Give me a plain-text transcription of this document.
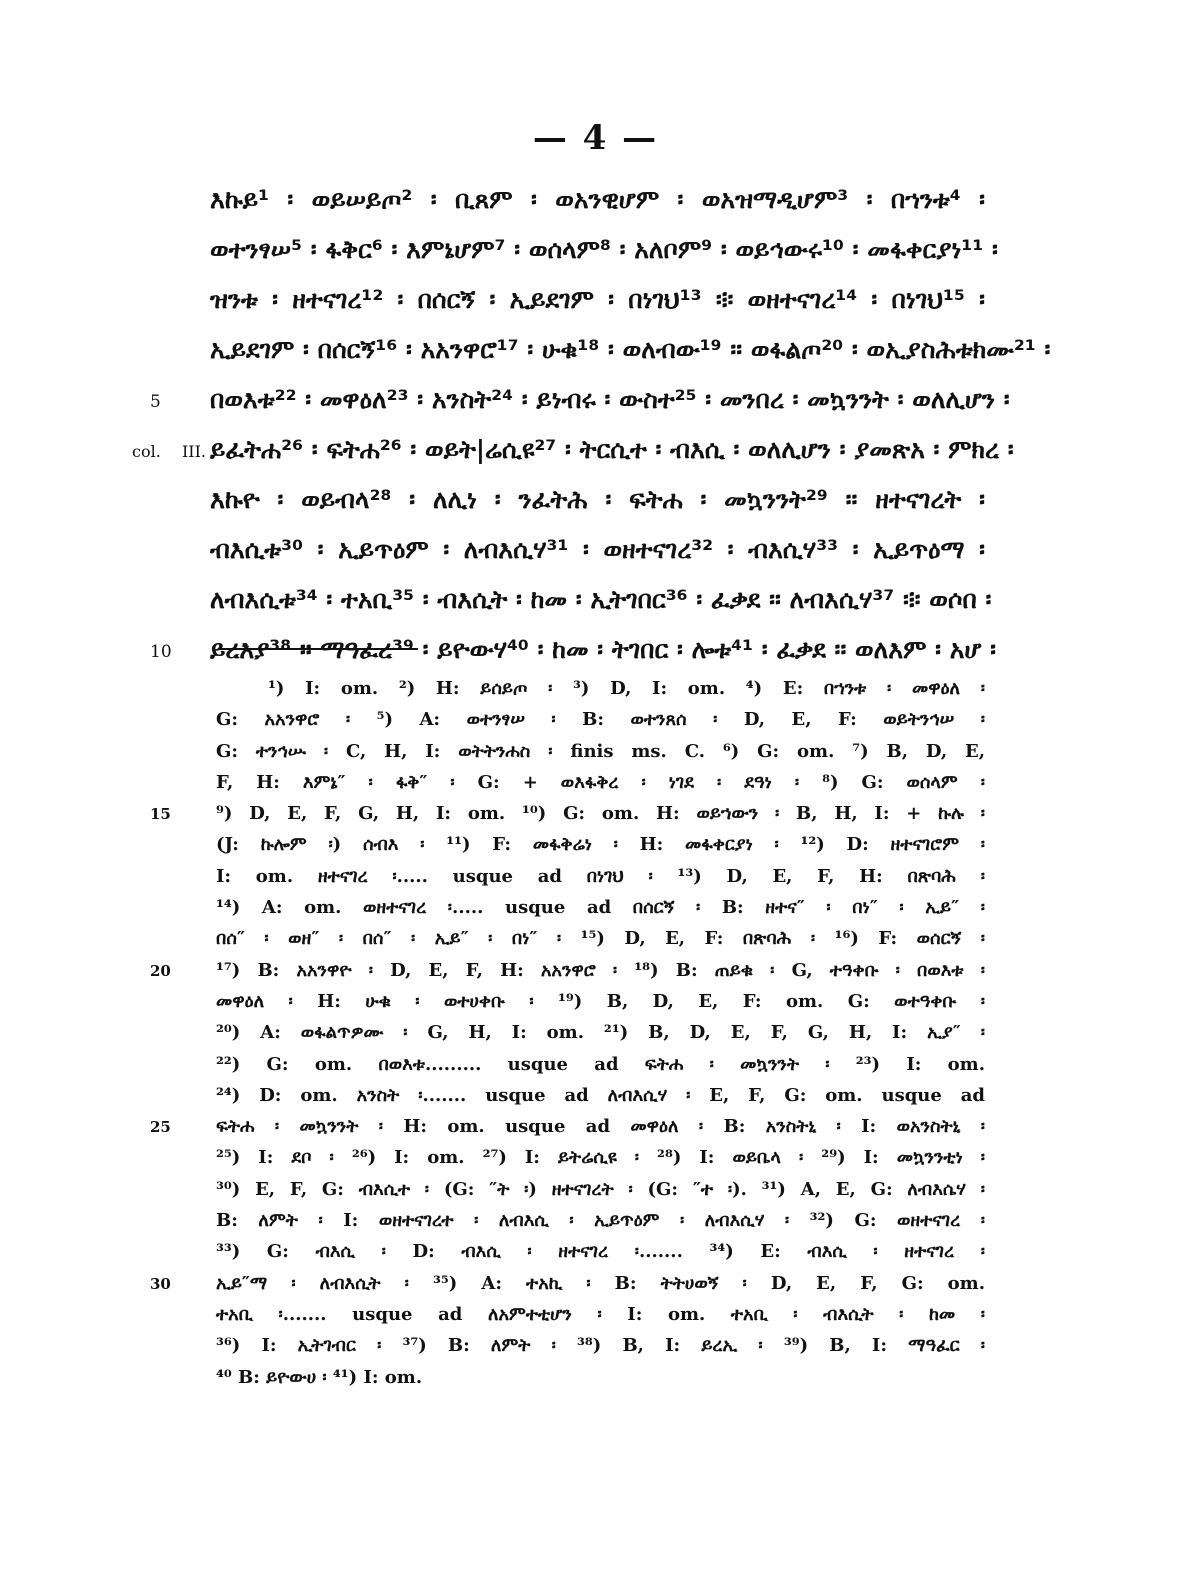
— 4 —
እኩይ¹ ፡ ወይሠይጦ² ፡ ቢጸም ፡ ወአንዊሆም ፡ ወአዝማዲሆም³ ፡ በኀንቱ⁴ ፡
ወተንፃሠ⁵ ፡ ፋቅር⁶ ፡ እምኔሆም⁷ ፡ ወሰላም⁸ ፡ አለቦም⁹ ፡ ወይኅውሩ¹⁰ ፡ መፋቀርያነ¹¹ ፡
ዝንቱ ፡ ዘተናገረ¹² ፡ በሰርኝ ፡ ኢይደገም ፡ በነገህ¹³ ፨ ወዘተናገረ¹⁴ ፡ በነገህ¹⁵ ፡
ኢይደገም ፡ በሰርኝ¹⁶ ፡ አአንዋሮ¹⁷ ፡ ሁቁ¹⁸ ፡ ወለብው¹⁹ ፡፡ ወፋልጦ²⁰ ፡ ወኢያስሕቱክሙ²¹ ፡
5	በወእቱ²² ፡ መዋዕለ²³ ፡ አንስት²⁴ ፡ ይነብሩ ፡ ውስተ²⁵ ፡ መንበረ ፡ መኳንንት ፡ ወለሊሆን ፡
col. III. ይፈትሐ²⁶ ፡ ፍትሐ²⁶ ፡ ወይት|ሬሲዩ²⁷ ፡ ትርሲተ ፡ ብእሲ ፡ ወለሊሆን ፡ ያመጽአ ፡ ምክረ ፡
እኩዮ ፡ ወይብላ²⁸ ፡ ለሊነ ፡ ንፈትሕ ፡ ፍትሐ ፡ መኳንንት²⁹ ፡፡ ዘተናገረት ፡
ብእሲቱ³⁰ ፡ ኢይጥዕም ፡ ለብእሲሃ³¹ ፡ ወዘተናገረ³² ፡ ብእሲሃ³³ ፡ ኢይጥዕማ ፡
ለብእሲቱ³⁴ ፡ ተአቢ³⁵ ፡ ብእሲት ፡ ከመ ፡ ኢትገበር³⁶ ፡ ፈቃደ ፡፡ ለብእሲሃ³⁷ ፨ ወሶበ ፡
10	ይረእያ³⁸ ፡፡ ማዓፈረ³⁹ ፡ ይዮውሃ⁴⁰ ፡ ከመ ፡ ትገበር ፡ ሎቱ⁴¹ ፡ ፈቃደ ፡፡ ወለእም ፡ አሆ ፡
¹) I: om. ²) H: ይሰይጦ ፡ ³) D, I: om. ⁴) E: በኀንቱ ፡ መዋዕለ ፡
G: አአንዋሮ ፡ ⁵) A: ወተንፃሠ ፡ B: ወተንጸሰ ፡ D, E, F: ወይትንኅሠ ፡
G: ተንኅሡ ፡ C, H, I: ወትትንሐስ ፡ finis ms. C. ⁶) G: om. ⁷) B, D, E,
F, H: እምኔ″ ፡ ፋቅ″ ፡ G: + ወእፋቅረ ፡ ነገደ ፡ ደዓነ ፡ ⁸) G: ወሰላም ፡
15	⁹) D, E, F, G, H, I: om. ¹⁰) G: om. H: ወይኀውን ፡ B, H, I: + ኩሉ ፡
(J: ኩሎም ፡) ሰብእ ፡ ¹¹) F: መፋቅሬነ ፡ H: መፋቀርያነ ፡ ¹²) D: ዘተናገሮም ፡
I: om. ዘተናገረ ፡..... usque ad በነገህ ፡ ¹³) D, E, F, H: በጽባሕ ፡
¹⁴) A: om. ወዘተናገረ ፡..... usque ad በሰርኝ ፡ B: ዘተና″ ፡ በነ″ ፡ ኢይ″ ፡
በሰ″ ፡ ወዘ″ ፡ በሰ″ ፡ ኢይ″ ፡ በነ″ ፡ ¹⁵) D, E, F: በጽባሕ ፡ ¹⁶) F: ወሰርኝ ፡
20	¹⁷) B: አአንዋዮ ፡ D, E, F, H: አአንዋሮ ፡ ¹⁸) B: ጠይቁ ፡ G, ተዓቀቡ ፡ በወእቱ ፡
መዋዕለ ፡ H: ሁቁ ፡ ወተሀቀቡ ፡ ¹⁹) B, D, E, F: om. G: ወተዓቀቡ ፡
²⁰) A: ወፋልጥዎሙ ፡ G, H, I: om. ²¹) B, D, E, F, G, H, I: ኢያ″ ፡
²²) G: om. በወእቱ......... usque ad ፍትሐ ፡ መኳንንት ፡ ²³) I: om.
²⁴) D: om. አንስት ፡....... usque ad ለብእሲሃ ፡ E, F, G: om. usque ad
25	ፍትሐ ፡ መኳንንት ፡ H: om. usque ad መዋዕለ ፡ B: አንስትኒ ፡ I: ወአንስትኒ ፡
²⁵) I: ደቦ ፡ ²⁶) I: om. ²⁷) I: ይትሬሲዩ ፡ ²⁸) I: ወይቤላ ፡ ²⁹) I: መኳንንቲነ ፡
³⁰) E, F, G: ብእሲተ ፡ (G: ″ት ፡) ዘተናገረት ፡ (G: ″ተ ፡). ³¹) A, E, G: ለብእሴሃ ፡
B: ለምት ፡ I: ወዘተናገረተ ፡ ለብእሲ ፡ ኢይጥዕም ፡ ለብእሲሃ ፡ ³²) G: ወዘተናገረ ፡
³³) G: ብእሲ ፡ D: ብእሲ ፡ ዘተናገረ ፡....... ³⁴) E: ብእሲ ፡ ዘተናገረ ፡
30	ኢይ″ማ ፡ ለብእሲት ፡ ³⁵) A: ተአኪ ፡ B: ትትሀወኝ ፡ D, E, F, G: om.
ተአቢ ፡....... usque ad ለአምተቲሆን ፡ I: om. ተአቢ ፡ ብእሲት ፡ ከመ ፡
³⁶) I: ኢትገብር ፡ ³⁷) B: ለምት ፡ ³⁸) B, I: ይረኢ ፡ ³⁹) B, I: ማዓፈር ፡
⁴⁰ B: ይዮውሀ ፡ ⁴¹) I: om.
